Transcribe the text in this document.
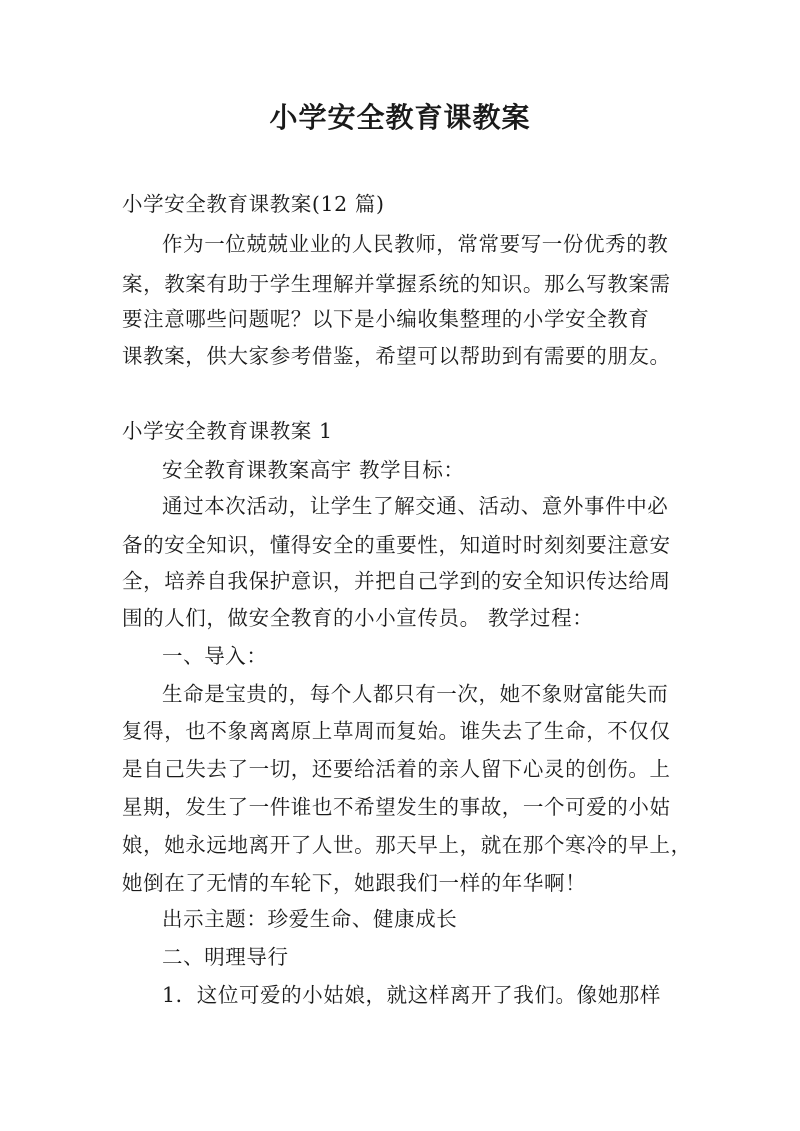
小学安全教育课教案
小学安全教育课教案(12 篇)
作为一位兢兢业业的人民教师，常常要写一份优秀的教
案，教案有助于学生理解并掌握系统的知识。那么写教案需
要注意哪些问题呢？以下是小编收集整理的小学安全教育
课教案，供大家参考借鉴，希望可以帮助到有需要的朋友。
小学安全教育课教案 1
安全教育课教案高宇 教学目标：
通过本次活动，让学生了解交通、活动、意外事件中必
备的安全知识，懂得安全的重要性，知道时时刻刻要注意安
全，培养自我保护意识，并把自己学到的安全知识传达给周
围的人们，做安全教育的小小宣传员。 教学过程：
一、导入：
生命是宝贵的，每个人都只有一次，她不象财富能失而
复得，也不象离离原上草周而复始。谁失去了生命，不仅仅
是自己失去了一切，还要给活着的亲人留下心灵的创伤。上
星期，发生了一件谁也不希望发生的事故，一个可爱的小姑
娘，她永远地离开了人世。那天早上，就在那个寒冷的早上，
她倒在了无情的车轮下，她跟我们一样的年华啊！
出示主题：珍爱生命、健康成长
二、明理导行
1．这位可爱的小姑娘，就这样离开了我们。像她那样
